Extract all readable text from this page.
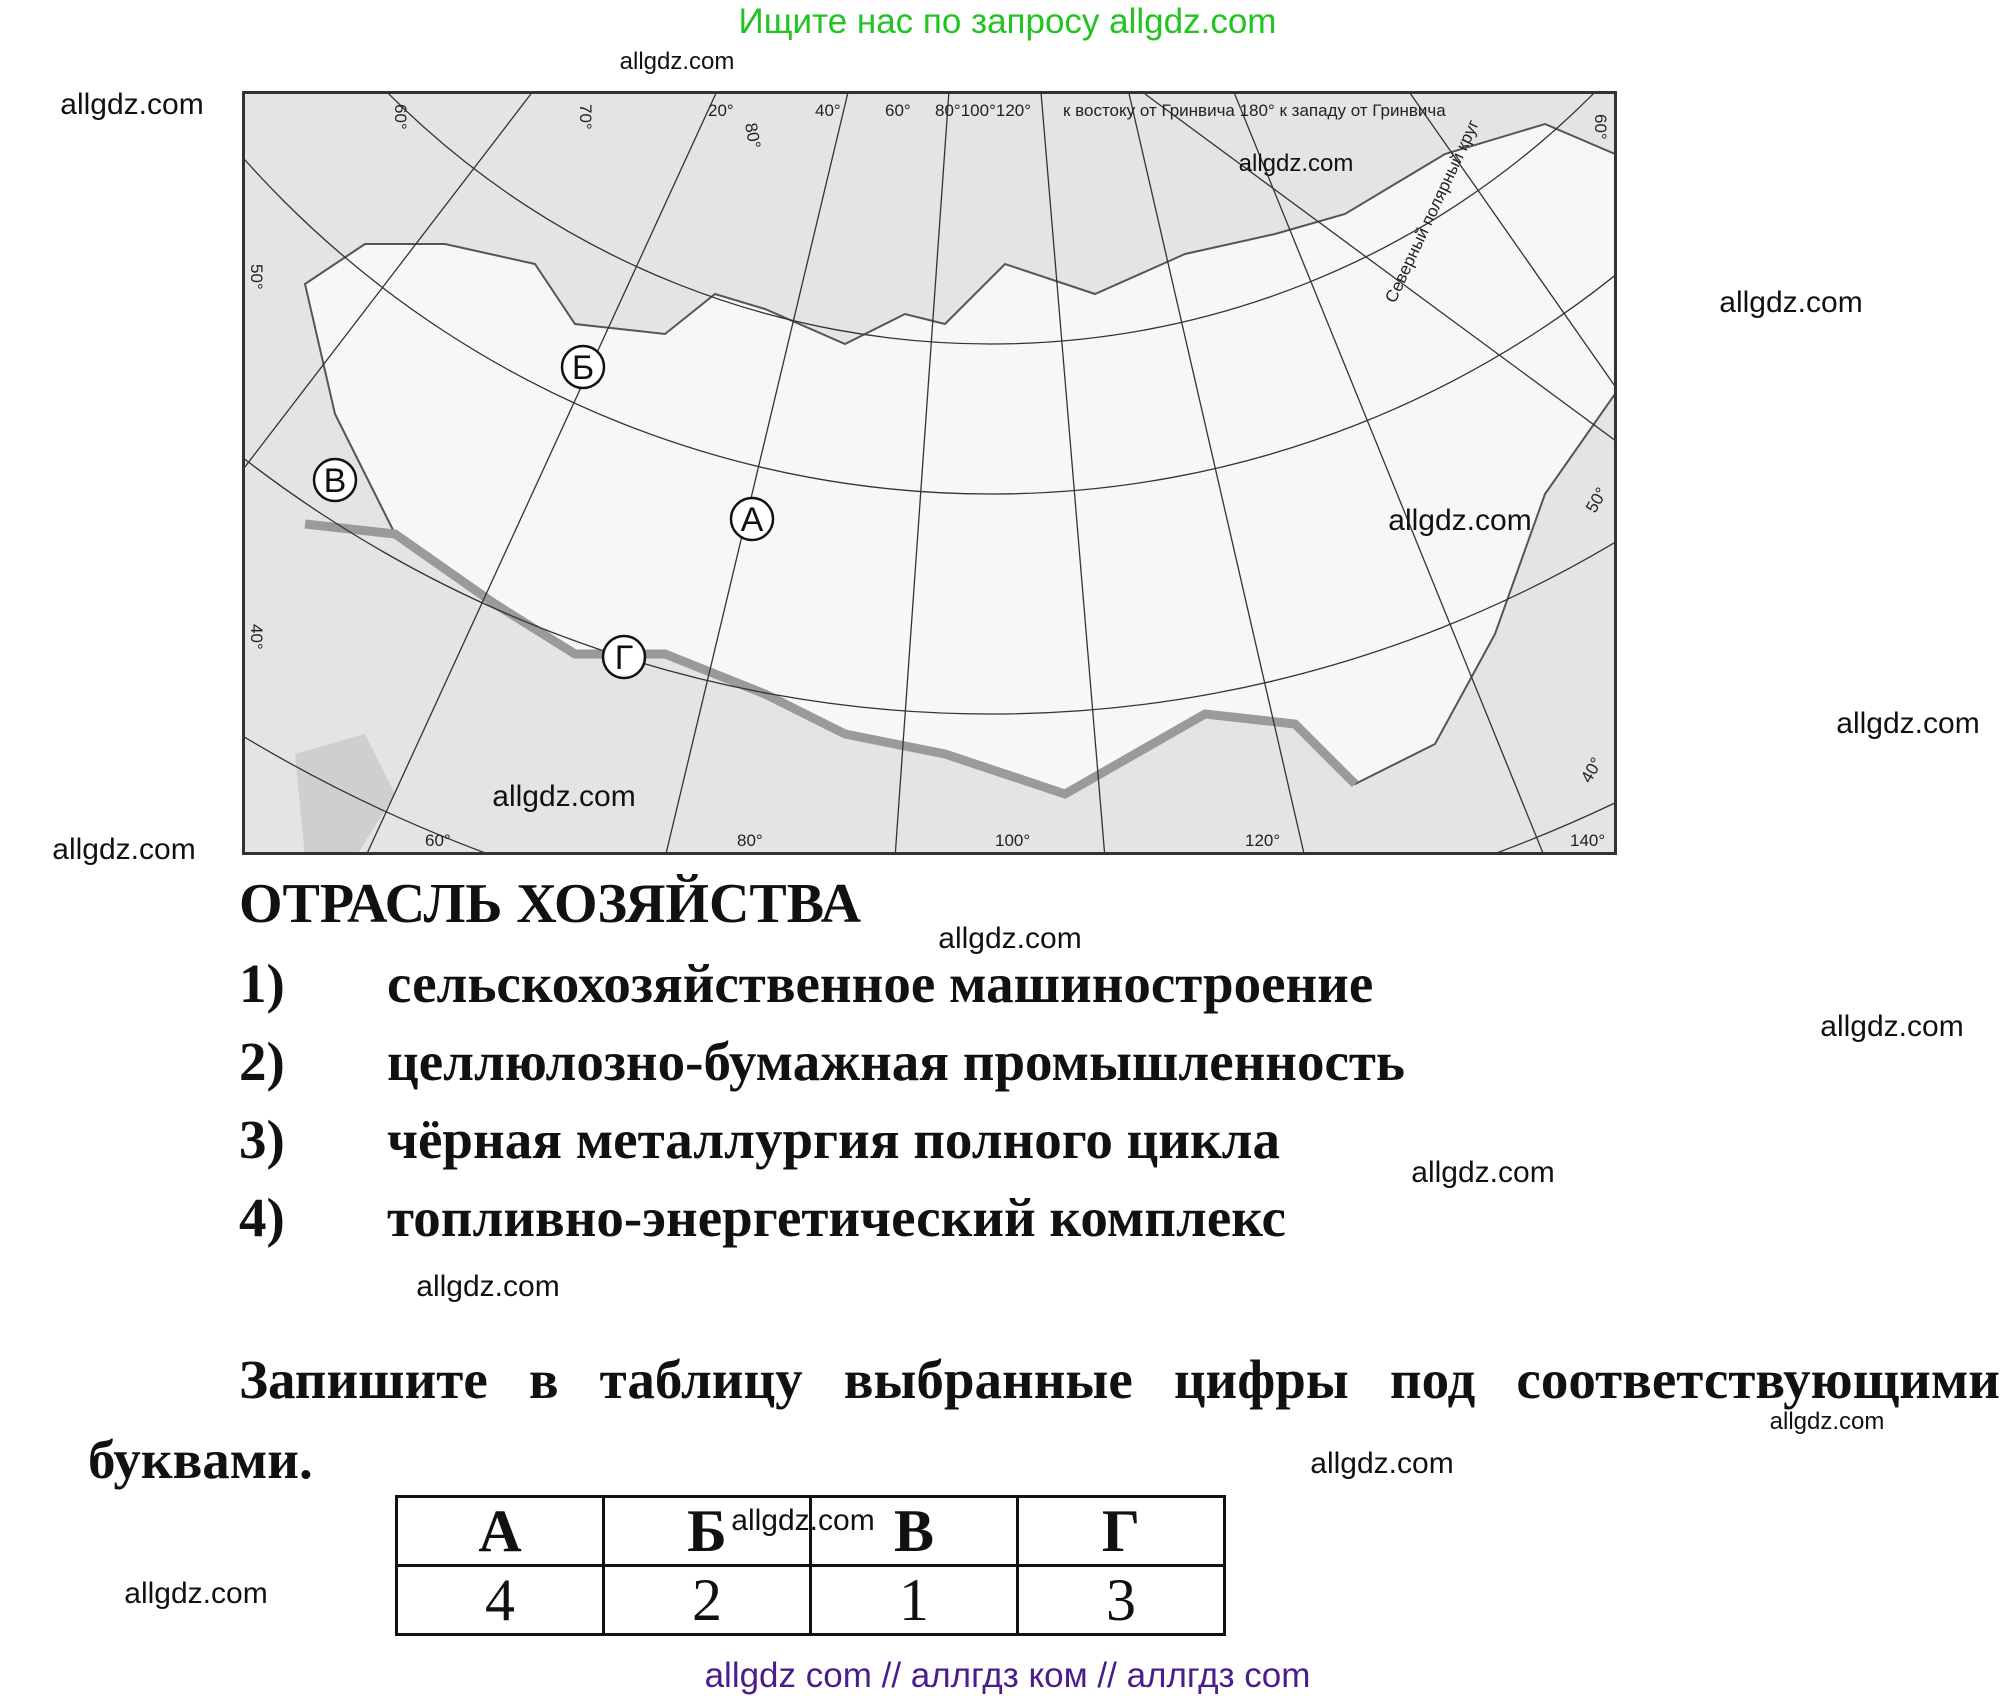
Ищите нас по запросу allgdz.com
20°
80°
40°	60° 80°100°120° к востоку от Гринвича 180° к западу от Гринвича
60°
70°
60°
50°
40°
50°
40°
Северный полярный круг
60°	80°	100°	120°	140°
А
Б
В
Г
ОТРАСЛЬ ХОЗЯЙСТВА
1) сельскохозяйственное машиностроение
2) целлюлозно-бумажная промышленность
3) чёрная металлургия полного цикла
4) топливно-энергетический комплекс
Запишите в таблицу выбранные цифры под соответствующими буквами.
А	Б	В	Г
4	2	1	3
allgdz.com
allgdz.com
allgdz.com
allgdz.com
allgdz.com
allgdz.com
allgdz.com
allgdz.com
allgdz.com
allgdz.com
allgdz.com
allgdz.com
allgdz.com
allgdz.com
allgdz.com
allgdz.com
allgdz com // аллгдз ком // аллгдз com
